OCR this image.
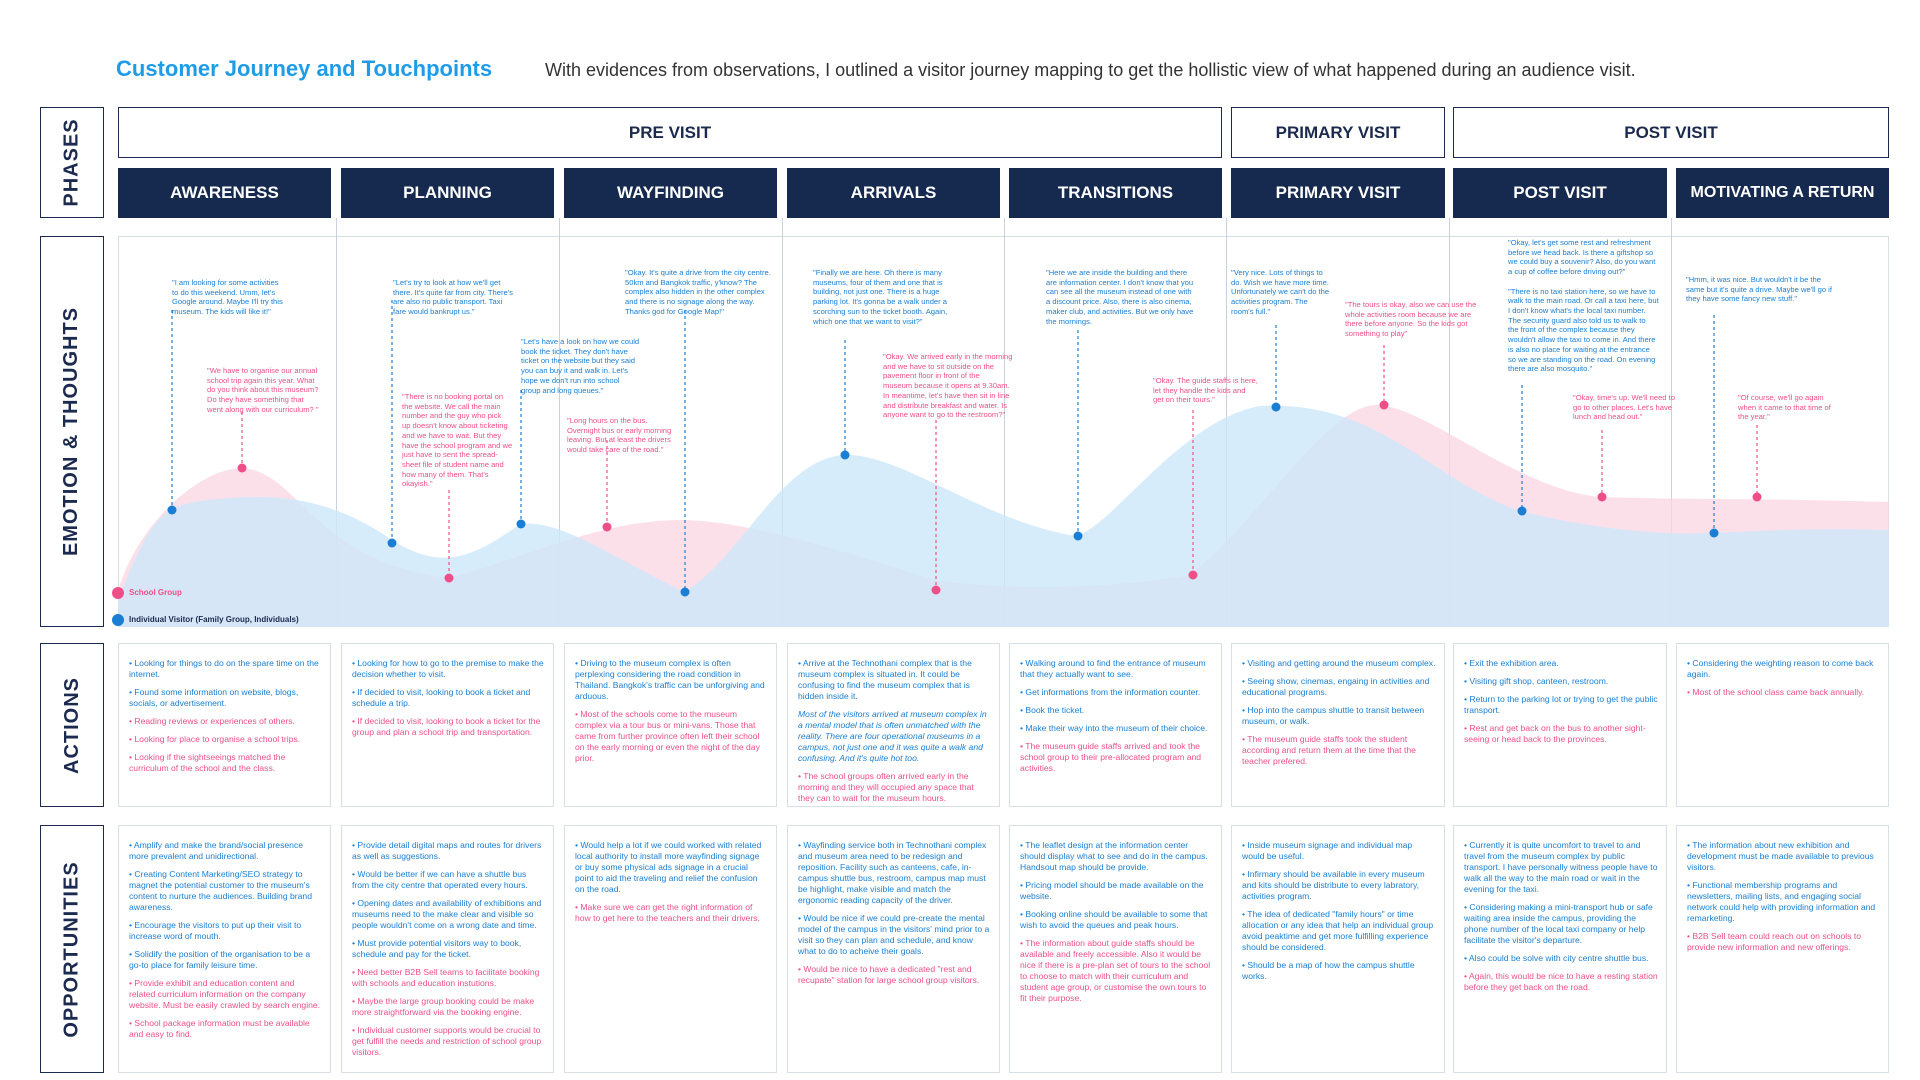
Customer Journey and Touchpoints	With evidences from observations, I outlined a visitor journey mapping to get the hollistic view of what happened during an audience visit.
PHASES
EMOTION & THOUGHTS
ACTIONS
OPPORTUNITIES
PRE VISIT	PRIMARY VISIT	POST VISIT
AWARENESS	PLANNING	WAYFINDING	ARRIVALS	TRANSITIONS	PRIMARY VISIT	POST VISIT	MOTIVATING A RETURN
School Group
Individual Visitor (Family Group, Individuals)
"I am looking for some activities
to do this weekend. Umm, let's
Google around. Maybe I'll try this
museum. The kids will like it!"
"We have to organise our annual
school trip again this year. What
do you think about this museum?
Do they have something that
went along with our curriculum? "
"Let's try to look at how we'll get
there. It's quite far from city. There's
are also no public transport. Taxi
fare would bankrupt us."
"There is no booking portal on
the website. We call the main
number and the guy who pick
up doesn't know about ticketing
and we have to wait. But they
have the school program and we
just have to sent the spread-
sheet file of student name and
how many of them. That's
okayish."
"Let's have a look on how we could
book the ticket. They don't have
ticket on the website but they said
you can buy it and walk in. Let's
hope we don't run into school
group and long queues."
"Okay. It's quite a drive from the city centre.
50km and Bangkok traffic, y'know? The
complex also hidden in the other complex
and there is no signage along the way.
Thanks god for Google Map!"
"Long hours on the bus.
Overnight bus or early morning
leaving. But at least the drivers
would take care of the road."
"Finally we are here. Oh there is many
museums, four of them and one that is
building, not just one. There is a huge
parking lot. It's gonna be a walk under a
scorching sun to the ticket booth. Again,
which one that we want to visit?"
"Okay. We arrived early in the morning
and we have to sit outside on the
pavement floor in front of the
museum because it opens at 9.30am.
In meantime, let's have then sit in line
and distribute breakfast and water. Is
anyone want to go to the restroom?"
"Here we are inside the building and there
are information center. I don't know that you
can see all the museum instead of one with
a discount price. Also, there is also cinema,
maker club, and activities. But we only have
the mornings.
"Okay. The guide staffs is here,
let they handle the kids and
get on their tours."
"Very nice. Lots of things to
do. Wish we have more time.
Unfortunately we can't do the
activities program. The
room's full."
"The tours is okay, also we can use the
whole activities room because we are
there before anyone. So the kids got
something to play"
"Okay, let's get some rest and refreshment
before we head back. Is there a giftshop so
we could buy a souvenir? Also, do you want
a cup of coffee before driving out?"

"There is no taxi station here, so we have to
walk to the main road. Or call a taxi here, but
I don't know what's the local taxi number.
The security guard also told us to walk to
the front of the complex because they
wouldn't allow the taxi to come in. And there
is also no place for waiting at the entrance
so we are standing on the road. On evening
there are also mosquito."
"Okay, time's up. We'll need to
go to other places. Let's have
lunch and head out."
"Hmm, it was nice. But wouldn't it be the
same but it's quite a drive. Maybe we'll go if
they have some fancy new stuff."
"Of course, we'll go again
when it came to that time of
the year."

• Looking for things to do on the spare time on the internet.

• Found some information on website, blogs, socials, or advertisement.

• Reading reviews or experiences of others.

• Looking for place to organise a school trips.

• Looking if the sightseeings matched the curriculum of the school and the class.

• Looking for how to go to the premise to make the decision whether to visit.

• If decided to visit, looking to book a ticket and schedule a trip.

• If decided to visit, looking to book a ticket for the group and plan a school trip and transportation.

• Driving to the museum complex is often perplexing considering the road condition in Thailand. Bangkok's traffic can be unforgiving and arduous.

• Most of the schools come to the museum complex via a tour bus or mini-vans. Those that came from further province often left their school on the early morning or even the night of the day prior.

• Arrive at the Technothani complex that is the museum complex is situated in. It could be confusing to find the museum complex that is hidden inside it.

Most of the visitors arrived at museum complex in a mental model that is often unmatched with the reality. There are four operational museums in a campus, not just one and it was quite a walk and confusing. And it's quite hot too.

• The school groups often arrived early in the morning and they will occupied any space that they can to wait for the museum hours.

• Walking around to find the entrance of museum that they actually want to see.

• Get informations from the information counter.

• Book the ticket.

• Make their way into the museum of their choice.

• The museum guide staffs arrived and took the school group to their pre-allocated program and activities.

• Visiting and getting around the museum complex.

• Seeing show, cinemas, engaing in activities and educational programs.

• Hop into the campus shuttle to transit between museum, or walk.

• The museum guide staffs took the student according and return them at the time that the teacher prefered.

• Exit the exhibition area.

• Visiting gift shop, canteen, restroom.

• Return to the parking lot or trying to get the public transport.

• Rest and get back on the bus to another sight-seeing or head back to the provinces.

• Considering the weighting reason to come back again.

• Most of the school class came back annually.

• Amplify and make the brand/social presence more prevalent and unidirectional.

• Creating Content Marketing/SEO strategy to magnet the potential customer to the museum's content to nurture the audiences. Building brand awareness.

• Encourage the visitors to put up their visit to increase word of mouth.

• Solidify the position of the organisation to be a go-to place for family leisure time.

• Provide exhibit and education content and related curriculum information on the company website. Must be easily crawled by search engine.

• School package information must be available and easy to find.

• Provide detail digital maps and routes for drivers as well as suggestions.

• Would be better if we can have a shuttle bus from the city centre that operated every hours.

• Opening dates and availability of exhibitions and museums need to the make clear and visible so people wouldn't come on a wrong date and time.

• Must provide potential visitors way to book, schedule and pay for the ticket.

• Need better B2B Sell teams to facilitate booking with schools and education instutions.

• Maybe the large group booking could be make more straightforward via the booking engine.

• Individual customer supports would be crucial to get fulfill the needs and restriction of school group visitors.

• Would help a lot if we could worked with related local authority to install more wayfinding signage or buy some physical ads signage in a crucial point to aid the traveling and relief the confusion on the road.

• Make sure we can get the right information of how to get here to the teachers and their drivers.

• Wayfinding service both in Technothani complex and museum area need to be redesign and reposition. Facility such as canteens, cafe, in-campus shuttle bus, restroom, campus map must be highlight, make visible and match the ergonomic reading capacity of the driver.

• Would be nice if we could pre-create the mental model of the campus in the visitors' mind prior to a visit so they can plan and schedule, and know what to do to acheive their goals.

• Would be nice to have a dedicated "rest and recupate" station for large school group visitors.

• The leaflet design at the information center should display what to see and do in the campus. Handsout map should be provide.

• Pricing model should be made available on the website.

• Booking online should be available to some that wish to avoid the queues and peak hours.

• The information about guide staffs should be available and freely accessible. Also it would be nice if there is a pre-plan set of tours to the school to choose to match with their curriculum and student age group, or customise the own tours to fit their purpose.

• Inside museum signage and individual map would be useful.

• Infirmary should be available in every museum and kits should be distribute to every labratory, activities program.

• The idea of dedicated "family hours" or time allocation or any idea that help an individual group avoid peaktime and get more fulfilling experience should be considered.

• Should be a map of how the campus shuttle works.

• Currently it is quite uncomfort to travel to and travel from the museum complex by public transport. I have personally witness people have to walk all the way to the main road or wait in the evening for the taxi.

• Considering making a mini-transport hub or safe waiting area inside the campus, providing the phone number of the local taxi company or help facilitate the visitor's departure.

• Also could be solve with city centre shuttle bus.

• Again, this would be nice to have a resting station before they get back on the road.

• The information about new exhibition and development must be made available to previous visitors.

• Functional membership programs and newsletters, mailing lists, and engaging social network could help with providing information and remarketing.

• B2B Sell team could reach out on schools to provide new information and new offerings.
